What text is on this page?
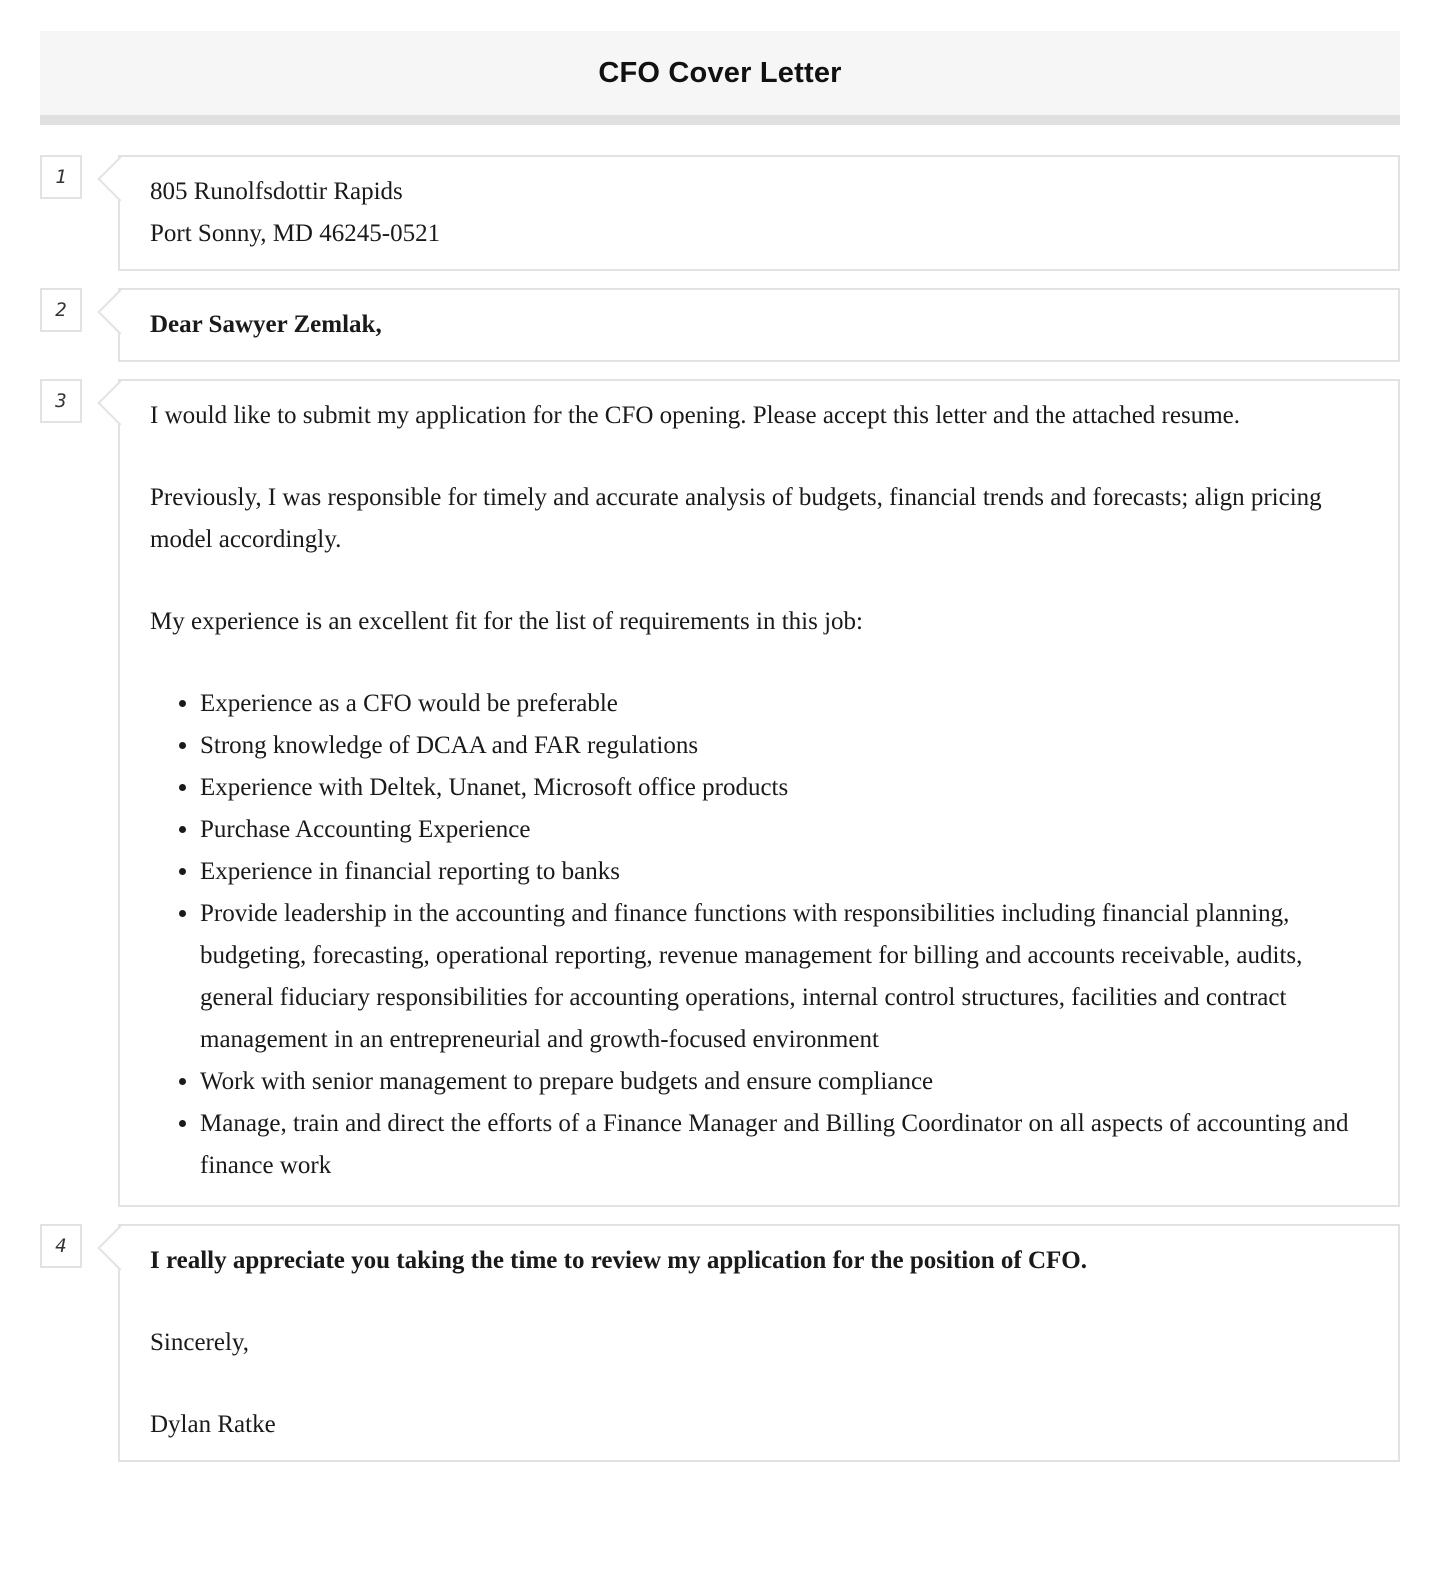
CFO Cover Letter
1

805 Runolfsdottir Rapids

Port Sonny, MD 46245-0521

2

Dear Sawyer Zemlak,

3

I would like to submit my application for the CFO opening. Please accept this letter and the attached resume.

Previously, I was responsible for timely and accurate analysis of budgets, financial trends and forecasts; align pricing model accordingly.

My experience is an excellent fit for the list of requirements in this job:

• Experience as a CFO would be preferable
• Strong knowledge of DCAA and FAR regulations
• Experience with Deltek, Unanet, Microsoft office products
• Purchase Accounting Experience
• Experience in financial reporting to banks
• Provide leadership in the accounting and finance functions with responsibilities including financial planning, budgeting, forecasting, operational reporting, revenue management for billing and accounts receivable, audits, general fiduciary responsibilities for accounting operations, internal control structures, facilities and contract management in an entrepreneurial and growth-focused environment
• Work with senior management to prepare budgets and ensure compliance
• Manage, train and direct the efforts of a Finance Manager and Billing Coordinator on all aspects of accounting and finance work
4

I really appreciate you taking the time to review my application for the position of CFO.

Sincerely,

Dylan Ratke
